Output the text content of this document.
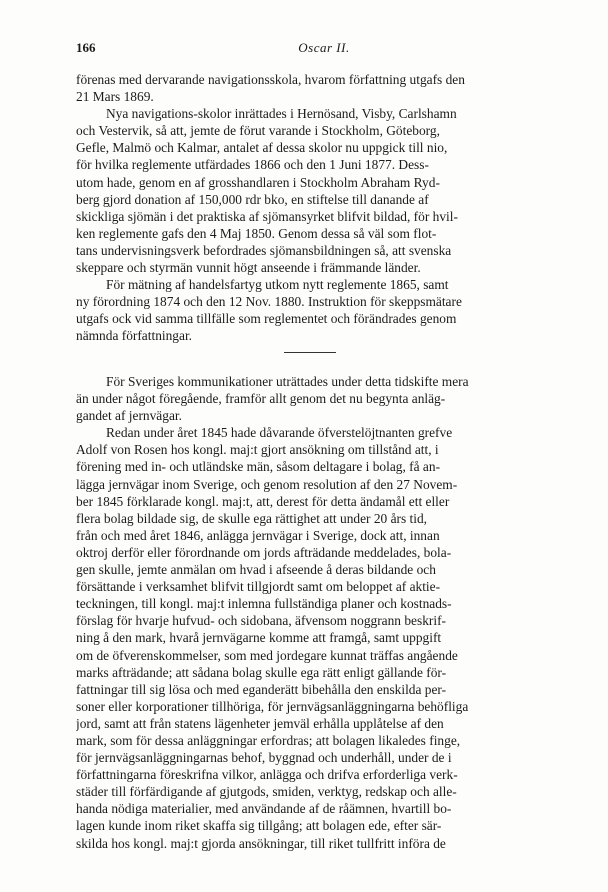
166	Oscar II.
förenas med dervarande navigationsskola, hvarom författning utgafs den
21 Mars 1869.
Nya navigations-skolor inrättades i Hernösand, Visby, Carlshamn
och Vestervik, så att, jemte de förut varande i Stockholm, Göteborg,
Gefle, Malmö och Kalmar, antalet af dessa skolor nu uppgick till nio,
för hvilka reglemente utfärdades 1866 och den 1 Juni 1877. Dess-
utom hade, genom en af grosshandlaren i Stockholm Abraham Ryd-
berg gjord donation af 150,000 rdr bko, en stiftelse till danande af
skickliga sjömän i det praktiska af sjömansyrket blifvit bildad, för hvil-
ken reglemente gafs den 4 Maj 1850. Genom dessa så väl som flot-
tans undervisningsverk befordrades sjömansbildningen så, att svenska
skeppare och styrmän vunnit högt anseende i främmande länder.
För mätning af handelsfartyg utkom nytt reglemente 1865, samt
ny förordning 1874 och den 12 Nov. 1880. Instruktion för skeppsmätare
utgafs ock vid samma tillfälle som reglementet och förändrades genom
nämnda författningar.
För Sveriges kommunikationer uträttades under detta tidskifte mera
än under något föregående, framför allt genom det nu begynta anläg-
gandet af jernvägar.
Redan under året 1845 hade dåvarande öfverstelöjtnanten grefve
Adolf von Rosen hos kongl. maj:t gjort ansökning om tillstånd att, i
förening med in- och utländske män, såsom deltagare i bolag, få an-
lägga jernvägar inom Sverige, och genom resolution af den 27 Novem-
ber 1845 förklarade kongl. maj:t, att, derest för detta ändamål ett eller
flera bolag bildade sig, de skulle ega rättighet att under 20 års tid,
från och med året 1846, anlägga jernvägar i Sverige, dock att, innan
oktroj derför eller förordnande om jords afträdande meddelades, bola-
gen skulle, jemte anmälan om hvad i afseende å deras bildande och
försättande i verksamhet blifvit tillgjordt samt om beloppet af aktie-
teckningen, till kongl. maj:t inlemna fullständiga planer och kostnads-
förslag för hvarje hufvud- och sidobana, äfvensom noggrann beskrif-
ning å den mark, hvarå jernvägarne komme att framgå, samt uppgift
om de öfverenskommelser, som med jordegare kunnat träffas angående
marks afträdande; att sådana bolag skulle ega rätt enligt gällande för-
fattningar till sig lösa och med eganderätt bibehålla den enskilda per-
soner eller korporationer tillhöriga, för jernvägsanläggningarna behöfliga
jord, samt att från statens lägenheter jemväl erhålla upplåtelse af den
mark, som för dessa anläggningar erfordras; att bolagen likaledes finge,
för jernvägsanläggningarnas behof, byggnad och underhåll, under de i
författningarna föreskrifna vilkor, anlägga och drifva erforderliga verk-
städer till förfärdigande af gjutgods, smiden, verktyg, redskap och alle-
handa nödiga materialier, med användande af de råämnen, hvartill bo-
lagen kunde inom riket skaffa sig tillgång; att bolagen ede, efter sär-
skilda hos kongl. maj:t gjorda ansökningar, till riket tullfritt införa de
